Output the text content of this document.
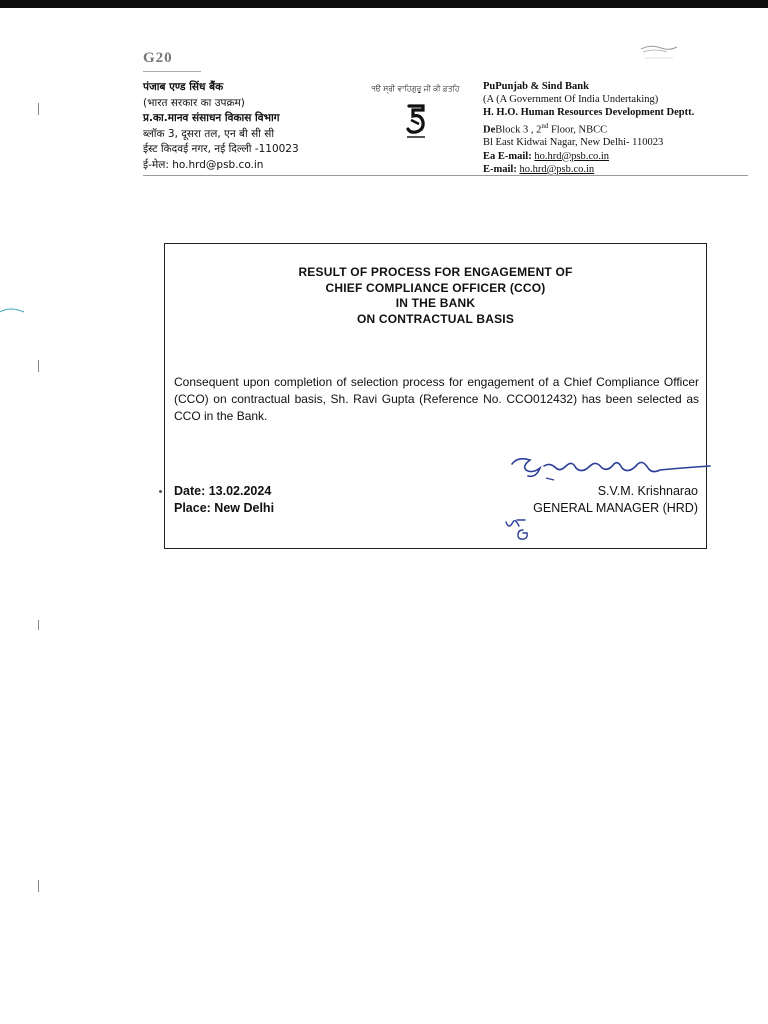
G20
पंजाब एण्ड सिंध बैंक
(भारत सरकार का उपक्रम)
प्र.का.मानव संसाधन विकास विभाग
ब्लॉक 3, दूसरा तल, एन बी सी सी
ईस्ट किदवई नगर, नई दिल्ली -110023
ई-मेल: ho.hrd@psb.co.in
੧ੳ ਸ੍ਰੀ ਵਾਹਿਗੁਰੂ ਜੀ ਕੀ ਫ਼ਤਹਿ	PuPunjab & Sind Bank
(A (A Government Of India Undertaking)
H. H.O. Human Resources Development Deptt.
DeBlock 3 , 2nd Floor, NBCC
Bl East Kidwai Nagar, New Delhi- 110023
Ea E-mail: ho.hrd@psb.co.in
E-mail: ho.hrd@psb.co.in
RESULT OF PROCESS FOR ENGAGEMENT OF
CHIEF COMPLIANCE OFFICER (CCO)
IN THE BANK
ON CONTRACTUAL BASIS
Consequent upon completion of selection process for engagement of a Chief Compliance Officer (CCO) on contractual basis, Sh. Ravi Gupta (Reference No. CCO012432) has been selected as CCO in the Bank.
Date: 13.02.2024
Place: New Delhi
S.V.M. Krishnarao
GENERAL MANAGER (HRD)
